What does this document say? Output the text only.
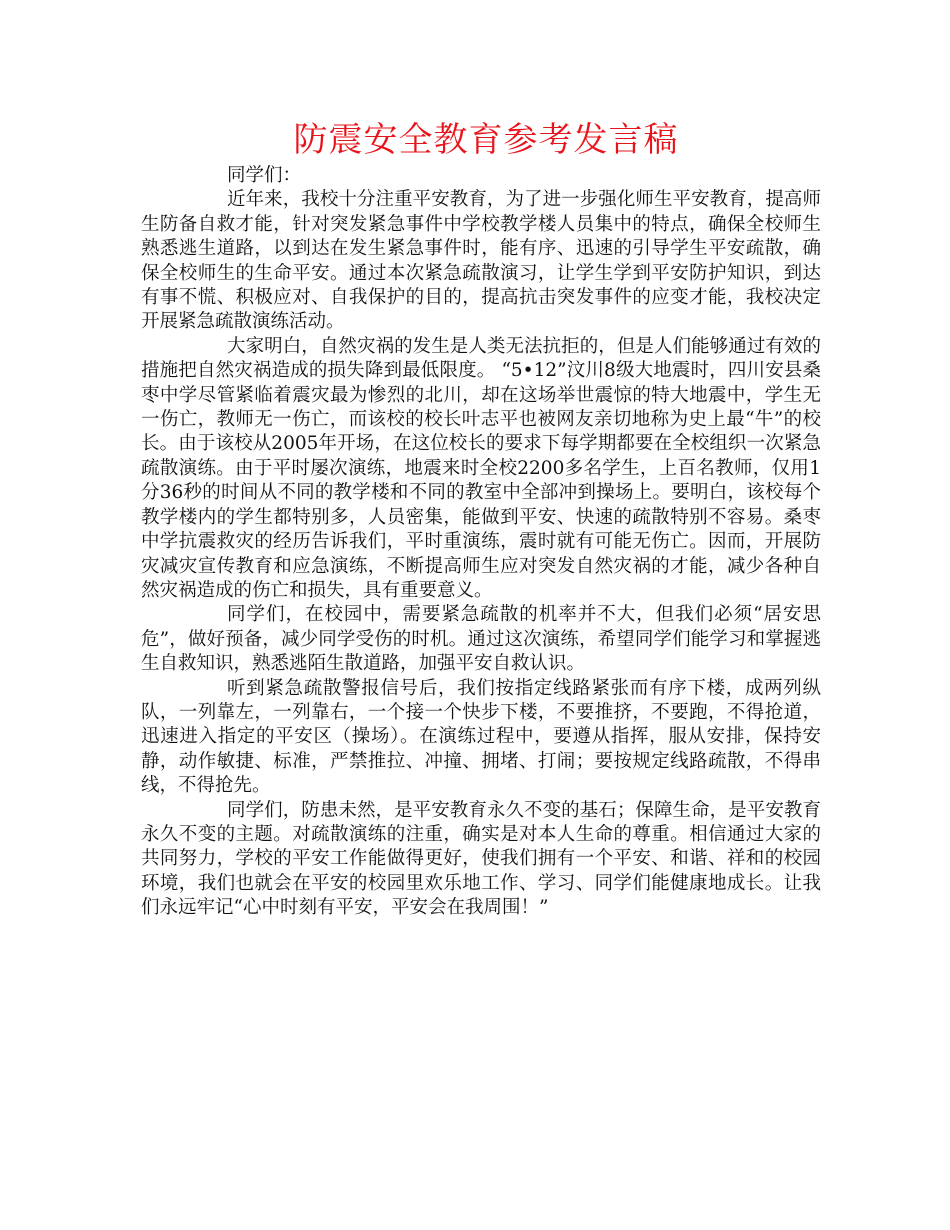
防震安全教育参考发言稿

同学们：

近年来，我校十分注重平安教育，为了进一步强化师生平安教育，提高师生防备自救才能，针对突发紧急事件中学校教学楼人员集中的特点，确保全校师生熟悉逃生道路，以到达在发生紧急事件时，能有序、迅速的引导学生平安疏散，确保全校师生的生命平安。通过本次紧急疏散演习，让学生学到平安防护知识，到达有事不慌、积极应对、自我保护的目的，提高抗击突发事件的应变才能，我校决定开展紧急疏散演练活动。

大家明白，自然灾祸的发生是人类无法抗拒的，但是人们能够通过有效的措施把自然灾祸造成的损失降到最低限度。 “5•12”汶川8级大地震时，四川安县桑枣中学尽管紧临着震灾最为惨烈的北川，却在这场举世震惊的特大地震中，学生无一伤亡，教师无一伤亡，而该校的校长叶志平也被网友亲切地称为史上最“牛”的校长。由于该校从2005年开场，在这位校长的要求下每学期都要在全校组织一次紧急疏散演练。由于平时屡次演练，地震来时全校2200多名学生，上百名教师，仅用1分36秒的时间从不同的教学楼和不同的教室中全部冲到操场上。要明白，该校每个教学楼内的学生都特别多，人员密集，能做到平安、快速的疏散特别不容易。桑枣中学抗震救灾的经历告诉我们，平时重演练，震时就有可能无伤亡。因而，开展防灾减灾宣传教育和应急演练，不断提高师生应对突发自然灾祸的才能，减少各种自然灾祸造成的伤亡和损失，具有重要意义。

同学们，在校园中，需要紧急疏散的机率并不大，但我们必须“居安思危”，做好预备，减少同学受伤的时机。通过这次演练，希望同学们能学习和掌握逃生自救知识，熟悉逃陌生散道路，加强平安自救认识。

听到紧急疏散警报信号后，我们按指定线路紧张而有序下楼，成两列纵队，一列靠左，一列靠右，一个接一个快步下楼，不要推挤，不要跑，不得抢道，迅速进入指定的平安区（操场）。在演练过程中，要遵从指挥，服从安排，保持安静，动作敏捷、标准，严禁推拉、冲撞、拥堵、打闹；要按规定线路疏散，不得串线，不得抢先。

同学们，防患未然，是平安教育永久不变的基石；保障生命，是平安教育永久不变的主题。对疏散演练的注重，确实是对本人生命的尊重。相信通过大家的共同努力，学校的平安工作能做得更好，使我们拥有一个平安、和谐、祥和的校园环境，我们也就会在平安的校园里欢乐地工作、学习、同学们能健康地成长。让我们永远牢记“心中时刻有平安，平安会在我周围！”
